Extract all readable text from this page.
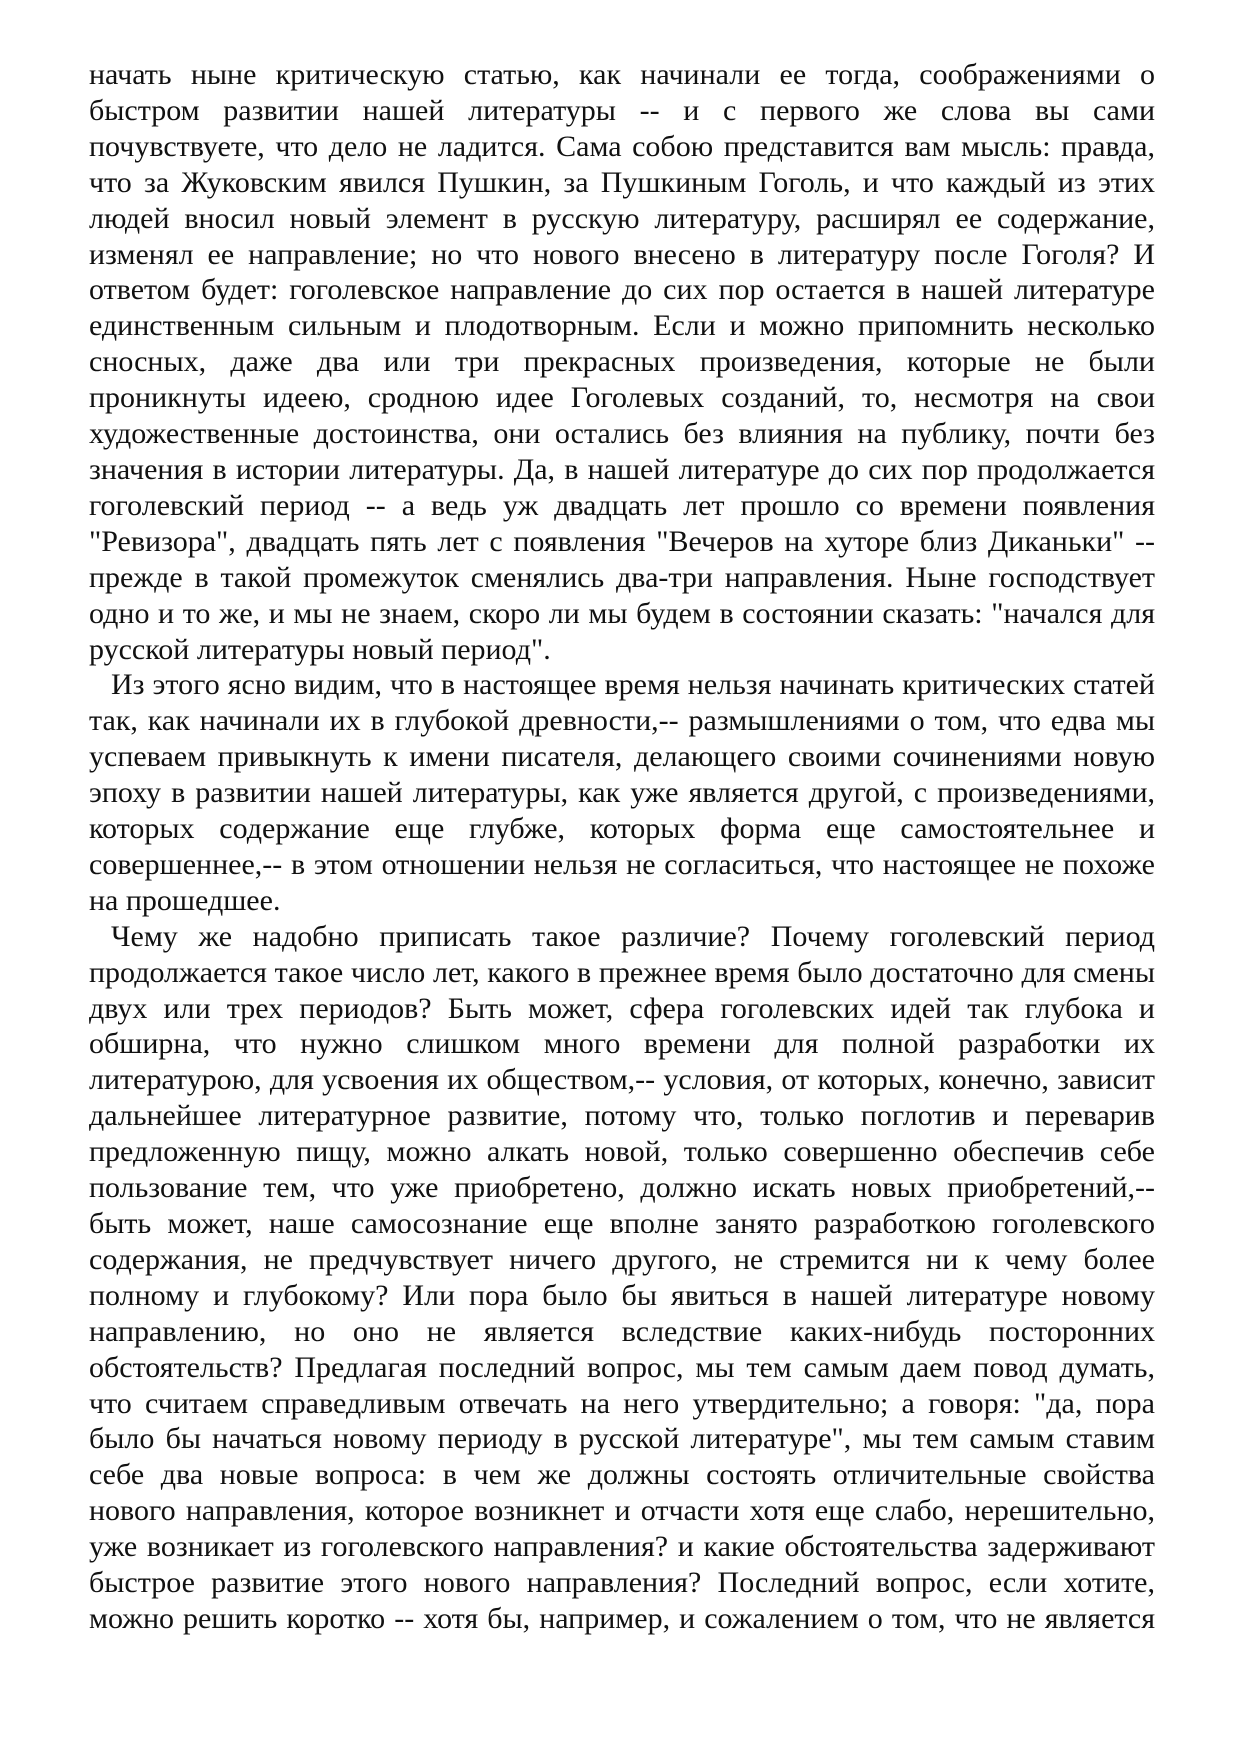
начать ныне критическую статью, как начинали ее тогда, соображениями о быстром развитии нашей литературы -- и с первого же слова вы сами почувствуете, что дело не ладится. Сама собою представится вам мысль: правда, что за Жуковским явился Пушкин, за Пушкиным Гоголь, и что каждый из этих людей вносил новый элемент в русскую литературу, расширял ее содержание, изменял ее направление; но что нового внесено в литературу после Гоголя? И ответом будет: гоголевское направление до сих пор остается в нашей литературе единственным сильным и плодотворным. Если и можно припомнить несколько сносных, даже два или три прекрасных произведения, которые не были проникнуты идеею, сродною идее Гоголевых созданий, то, несмотря на свои художественные достоинства, они остались без влияния на публику, почти без значения в истории литературы. Да, в нашей литературе до сих пор продолжается гоголевский период -- а ведь уж двадцать лет прошло со времени появления "Ревизора", двадцать пять лет с появления "Вечеров на хуторе близ Диканьки" -- прежде в такой промежуток сменялись два-три направления. Ныне господствует одно и то же, и мы не знаем, скоро ли мы будем в состоянии сказать: "начался для русской литературы новый период".

Из этого ясно видим, что в настоящее время нельзя начинать критических статей так, как начинали их в глубокой древности,-- размышлениями о том, что едва мы успеваем привыкнуть к имени писателя, делающего своими сочинениями новую эпоху в развитии нашей литературы, как уже является другой, с произведениями, которых содержание еще глубже, которых форма еще самостоятельнее и совершеннее,-- в этом отношении нельзя не согласиться, что настоящее не похоже на прошедшее.

Чему же надобно приписать такое различие? Почему гоголевский период продолжается такое число лет, какого в прежнее время было достаточно для смены двух или трех периодов? Быть может, сфера гоголевских идей так глубока и обширна, что нужно слишком много времени для полной разработки их литературою, для усвоения их обществом,-- условия, от которых, конечно, зависит дальнейшее литературное развитие, потому что, только поглотив и переварив предложенную пищу, можно алкать новой, только совершенно обеспечив себе пользование тем, что уже приобретено, должно искать новых приобретений,-- быть может, наше самосознание еще вполне занято разработкою гоголевского содержания, не предчувствует ничего другого, не стремится ни к чему более полному и глубокому? Или пора было бы явиться в нашей литературе новому направлению, но оно не является вследствие каких-нибудь посторонних обстоятельств? Предлагая последний вопрос, мы тем самым даем повод думать, что считаем справедливым отвечать на него утвердительно; а говоря: "да, пора было бы начаться новому периоду в русской литературе", мы тем самым ставим себе два новые вопроса: в чем же должны состоять отличительные свойства нового направления, которое возникнет и отчасти хотя еще слабо, нерешительно, уже возникает из гоголевского направления? и какие обстоятельства задерживают быстрое развитие этого нового направления? Последний вопрос, если хотите, можно решить коротко -- хотя бы, например, и сожалением о том, что не является
